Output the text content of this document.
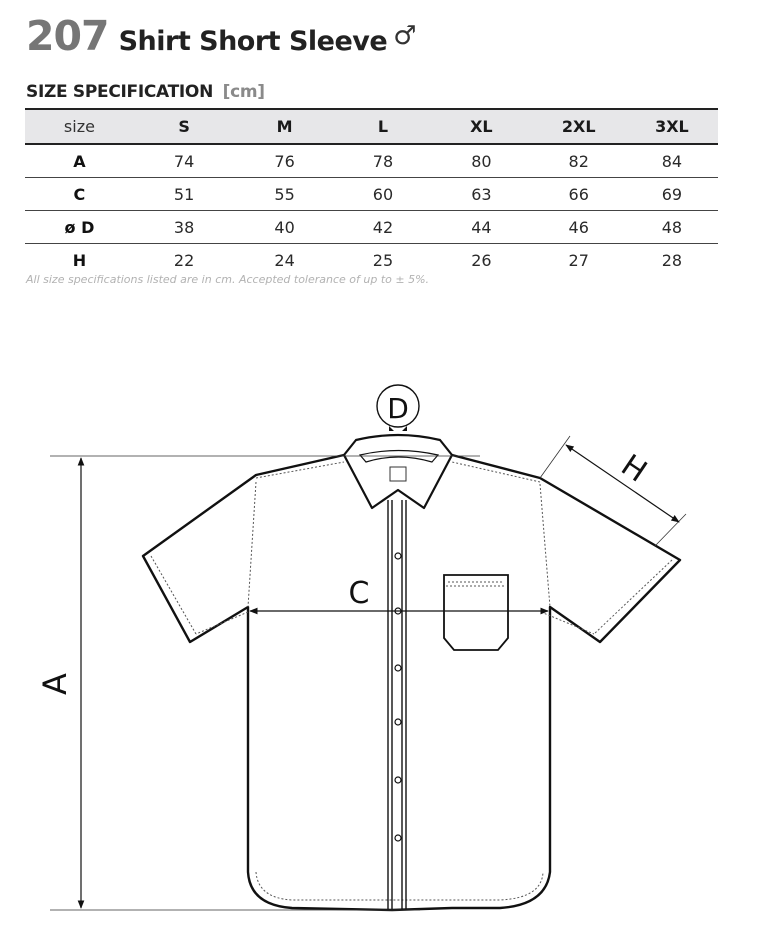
207 Shirt Short Sleeve ♂
SIZE SPECIFICATION [cm]
size	S	M	L	XL	2XL	3XL
A	74	76	78	80	82	84
C	51	55	60	63	66	69
ø D	38	40	42	44	46	48
H	22	24	25	26	27	28
All size specifications listed are in cm. Accepted tolerance of up to ± 5%.
A
C
D
H
